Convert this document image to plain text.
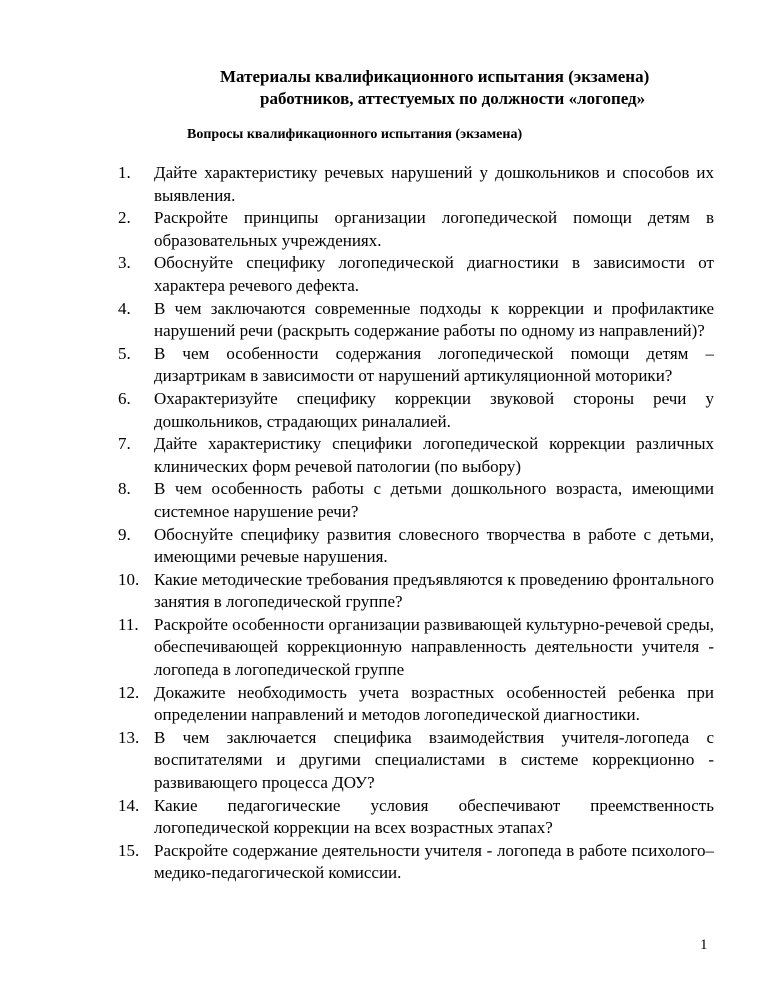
Материалы квалификационного испытания (экзамена)
работников, аттестуемых по должности «логопед»
Вопросы квалификационного испытания (экзамена)
1.	Дайте характеристику речевых нарушений у дошкольников и способов их выявления.
2.	Раскройте принципы организации логопедической помощи детям в образовательных учреждениях.
3.	Обоснуйте специфику логопедической диагностики в зависимости от характера речевого дефекта.
4.	В чем заключаются современные подходы к коррекции и профилактике нарушений речи (раскрыть содержание работы по одному из направлений)?
5.	В чем особенности содержания логопедической помощи детям – дизартрикам в зависимости от нарушений артикуляционной моторики?
6.	Охарактеризуйте специфику коррекции звуковой стороны речи у дошкольников, страдающих риналалией.
7.	Дайте характеристику специфики логопедической коррекции различных клинических форм речевой патологии (по выбору)
8.	В чем особенность работы с детьми дошкольного возраста, имеющими системное нарушение речи?
9.	Обоснуйте специфику развития словесного творчества в работе с детьми, имеющими речевые нарушения.
10. Какие методические требования предъявляются к проведению фронтального занятия в логопедической группе?
11. Раскройте особенности организации развивающей культурно-речевой среды, обеспечивающей коррекционную направленность деятельности учителя - логопеда в логопедической группе
12. Докажите необходимость учета возрастных особенностей ребенка при определении направлений и методов логопедической диагностики.
13. В чем заключается специфика взаимодействия учителя-логопеда с воспитателями и другими специалистами в системе коррекционно - развивающего процесса ДОУ?
14. Какие педагогические условия обеспечивают преемственность логопедической коррекции на всех возрастных этапах?
15. Раскройте содержание деятельности учителя - логопеда в работе психолого–медико-педагогической комиссии.
1
